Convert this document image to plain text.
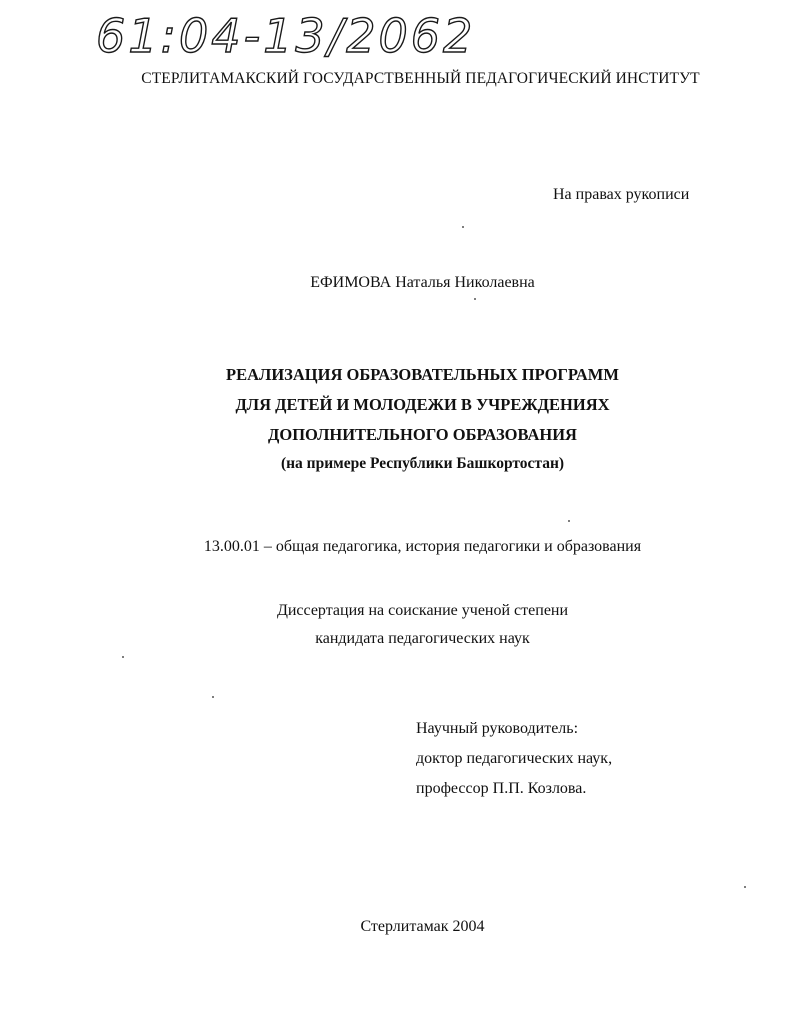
61:04-13/2062
СТЕРЛИТАМАКСКИЙ ГОСУДАРСТВЕННЫЙ ПЕДАГОГИЧЕСКИЙ ИНСТИТУТ
На правах рукописи
ЕФИМОВА Наталья Николаевна
РЕАЛИЗАЦИЯ ОБРАЗОВАТЕЛЬНЫХ ПРОГРАММ
ДЛЯ ДЕТЕЙ И МОЛОДЕЖИ В УЧРЕЖДЕНИЯХ
ДОПОЛНИТЕЛЬНОГО ОБРАЗОВАНИЯ
(на примере Республики Башкортостан)
13.00.01 – общая педагогика, история педагогики и образования
Диссертация на соискание ученой степени
кандидата педагогических наук
Научный руководитель:
доктор педагогических наук,
профессор П.П. Козлова.
Стерлитамак 2004
